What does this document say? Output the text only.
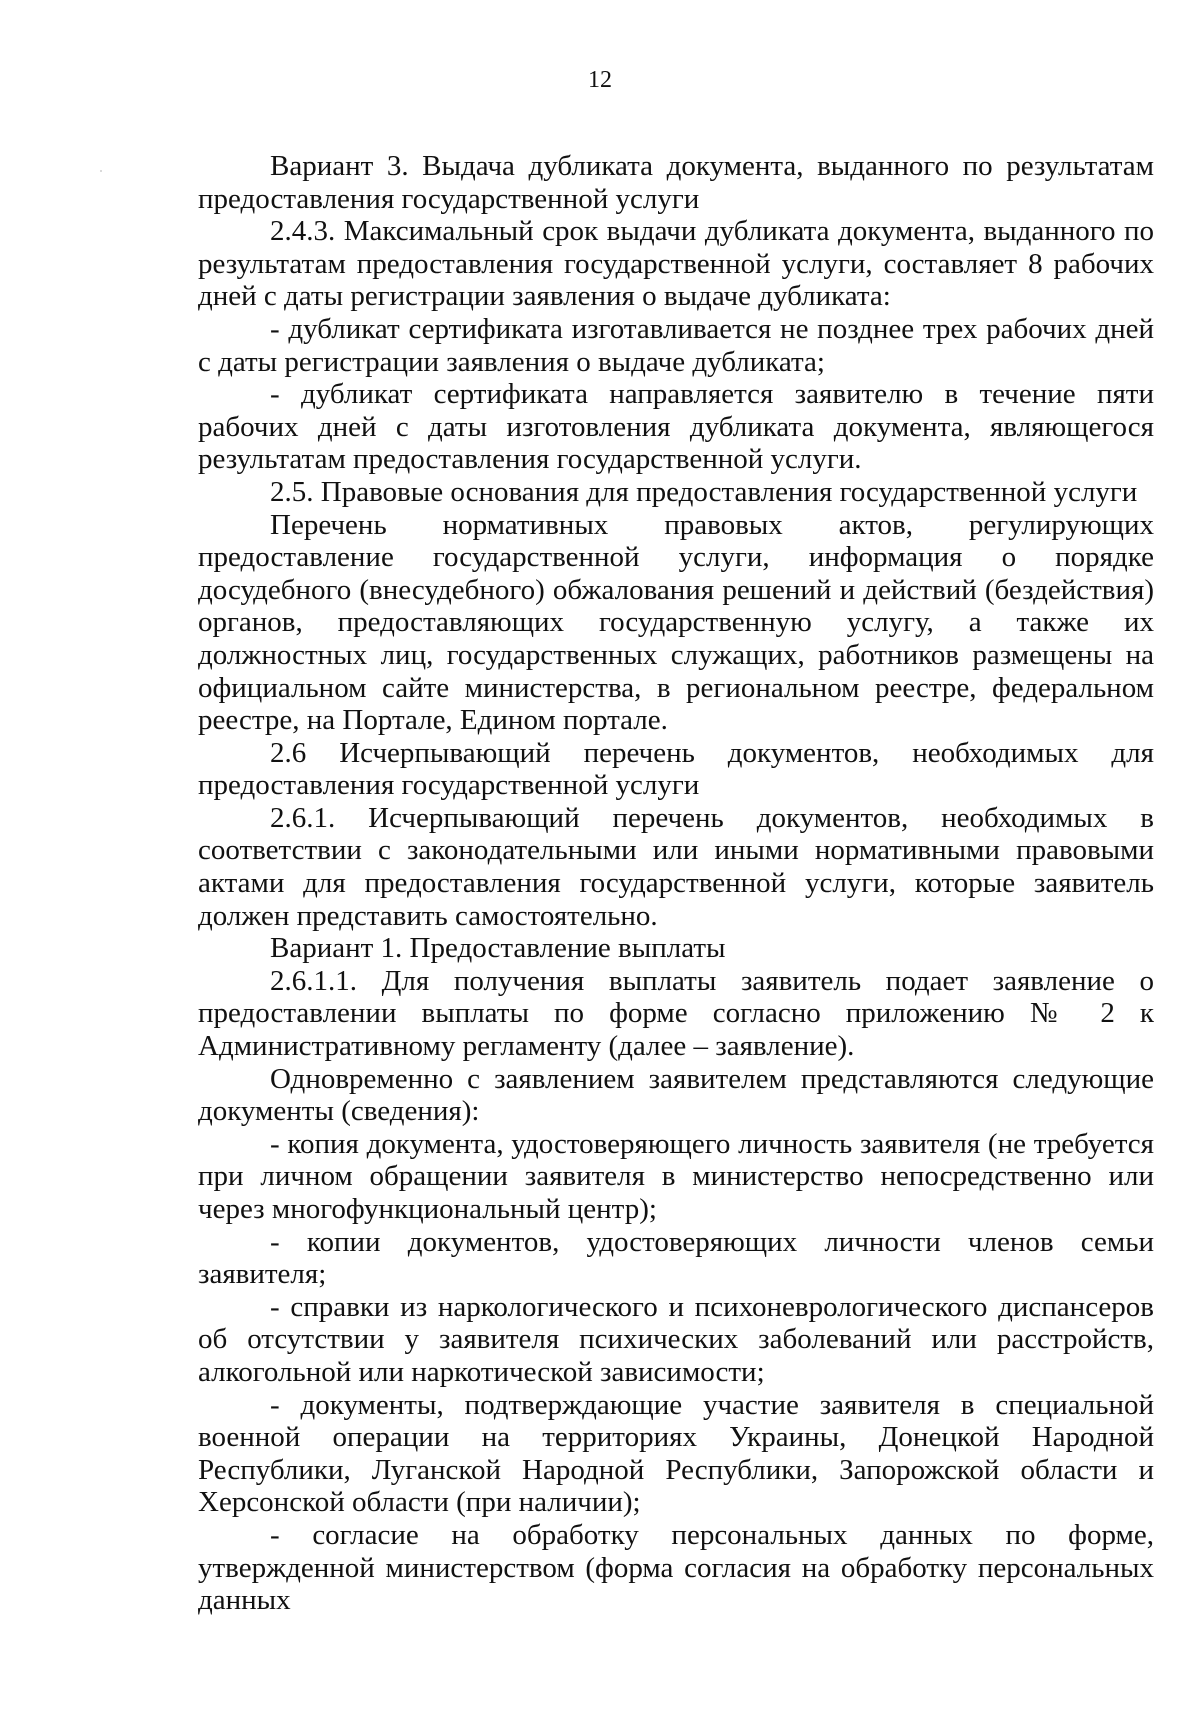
12

Вариант 3. Выдача дубликата документа, выданного по результатам предоставления государственной услуги

2.4.3. Максимальный срок выдачи дубликата документа, выданного по результатам предоставления государственной услуги, составляет 8 рабочих дней с даты регистрации заявления о выдаче дубликата:

- дубликат сертификата изготавливается не позднее трех рабочих дней с даты регистрации заявления о выдаче дубликата;

- дубликат сертификата направляется заявителю в течение пяти рабочих дней с даты изготовления дубликата документа, являющегося результатам предоставления государственной услуги.

2.5. Правовые основания для предоставления государственной услуги

Перечень нормативных правовых актов, регулирующих предоставление государственной услуги, информация о порядке досудебного (внесудебного) обжалования решений и действий (бездействия) органов, предоставляющих государственную услугу, а также их должностных лиц, государственных служащих, работников размещены на официальном сайте министерства, в региональном реестре, федеральном реестре, на Портале, Едином портале.

2.6 Исчерпывающий перечень документов, необходимых для предоставления государственной услуги

2.6.1. Исчерпывающий перечень документов, необходимых в соответствии с законодательными или иными нормативными правовыми актами для предоставления государственной услуги, которые заявитель должен представить самостоятельно.

Вариант 1. Предоставление выплаты

2.6.1.1. Для получения выплаты заявитель подает заявление о предоставлении выплаты по форме согласно приложению № 2 к Административному регламенту (далее – заявление).

Одновременно с заявлением заявителем представляются следующие документы (сведения):

- копия документа, удостоверяющего личность заявителя (не требуется при личном обращении заявителя в министерство непосредственно или через многофункциональный центр);

- копии документов, удостоверяющих личности членов семьи заявителя;

- справки из наркологического и психоневрологического диспансеров об отсутствии у заявителя психических заболеваний или расстройств, алкогольной или наркотической зависимости;

- документы, подтверждающие участие заявителя в специальной военной операции на территориях Украины, Донецкой Народной Республики, Луганской Народной Республики, Запорожской области и Херсонской области (при наличии);

- согласие на обработку персональных данных по форме, утвержденной министерством (форма согласия на обработку персональных данных
